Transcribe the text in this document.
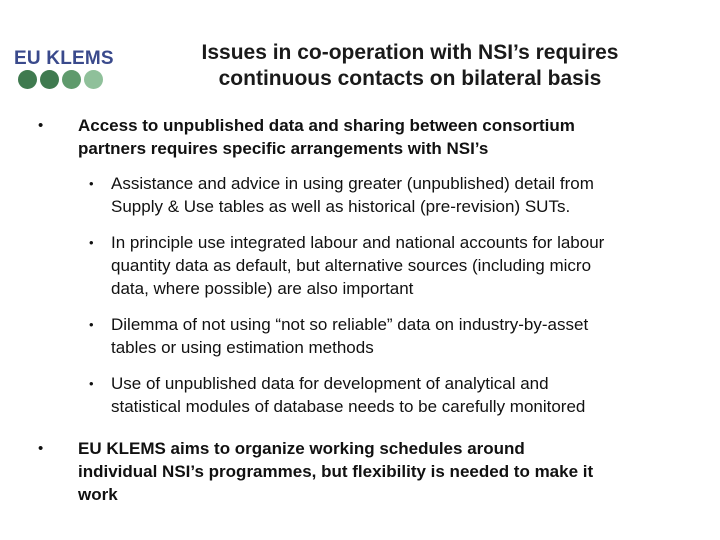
EU KLEMS	Issues in co-operation with NSI’s requires
continuous contacts on bilateral basis
• Access to unpublished data and sharing between consortium
partners requires specific arrangements with NSI’s
• Assistance and advice in using greater (unpublished) detail from
Supply & Use tables as well as historical (pre-revision) SUTs.
• In principle use integrated labour and national accounts for labour
quantity data as default, but alternative sources (including micro
data, where possible) are also important
• Dilemma of not using “not so reliable” data on industry-by-asset
tables or using estimation methods
• Use of unpublished data for development of analytical and
statistical modules of database needs to be carefully monitored
• EU KLEMS aims to organize working schedules around
individual NSI’s programmes, but flexibility is needed to make it
work
